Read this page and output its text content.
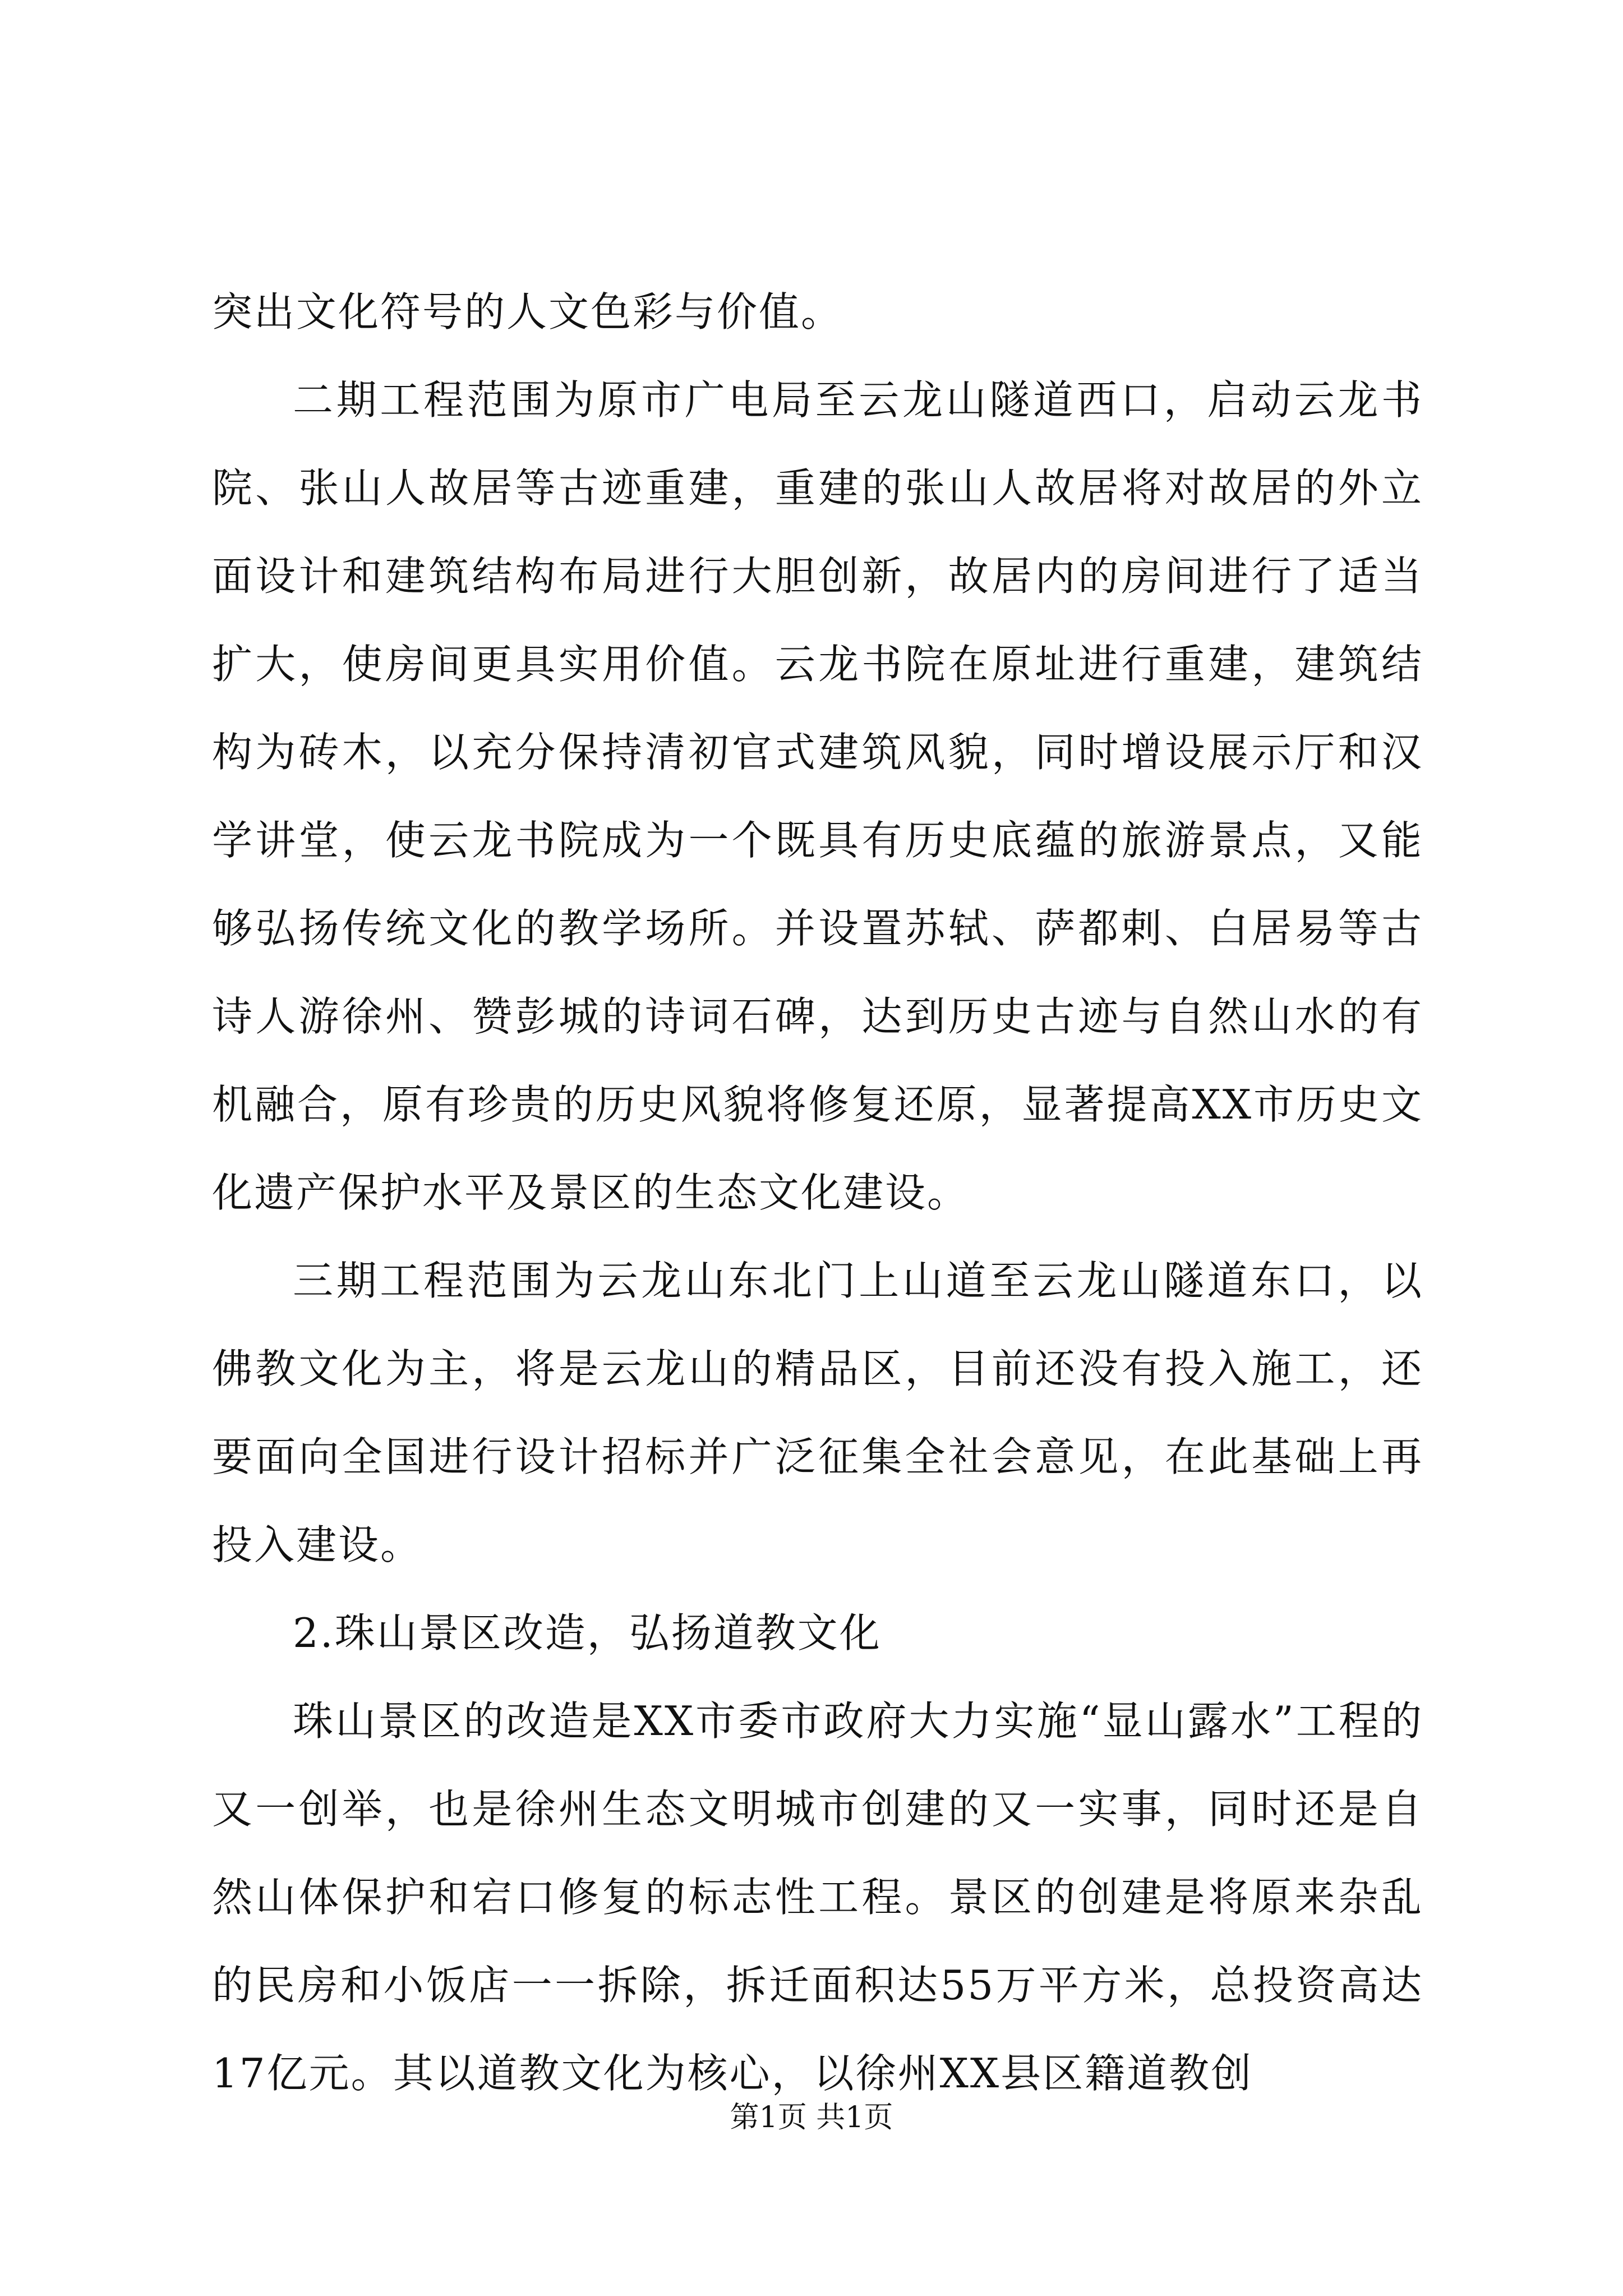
突出文化符号的人文色彩与价值。

二期工程范围为原市广电局至云龙山隧道西口，启动云龙书院、张山人故居等古迹重建，重建的张山人故居将对故居的外立面设计和建筑结构布局进行大胆创新，故居内的房间进行了适当扩大，使房间更具实用价值。云龙书院在原址进行重建，建筑结构为砖木，以充分保持清初官式建筑风貌，同时增设展示厅和汉学讲堂，使云龙书院成为一个既具有历史底蕴的旅游景点，又能够弘扬传统文化的教学场所。并设置苏轼、萨都剌、白居易等古诗人游徐州、赞彭城的诗词石碑，达到历史古迹与自然山水的有机融合，原有珍贵的历史风貌将修复还原，显著提高XX市历史文化遗产保护水平及景区的生态文化建设。

三期工程范围为云龙山东北门上山道至云龙山隧道东口，以佛教文化为主，将是云龙山的精品区，目前还没有投入施工，还要面向全国进行设计招标并广泛征集全社会意见，在此基础上再投入建设。

2.珠山景区改造，弘扬道教文化

珠山景区的改造是XX市委市政府大力实施“显山露水”工程的又一创举，也是徐州生态文明城市创建的又一实事，同时还是自然山体保护和宕口修复的标志性工程。景区的创建是将原来杂乱的民房和小饭店一一拆除，拆迁面积达55万平方米，总投资高达17亿元。其以道教文化为核心，以徐州XX县区籍道教创

第1页 共1页
